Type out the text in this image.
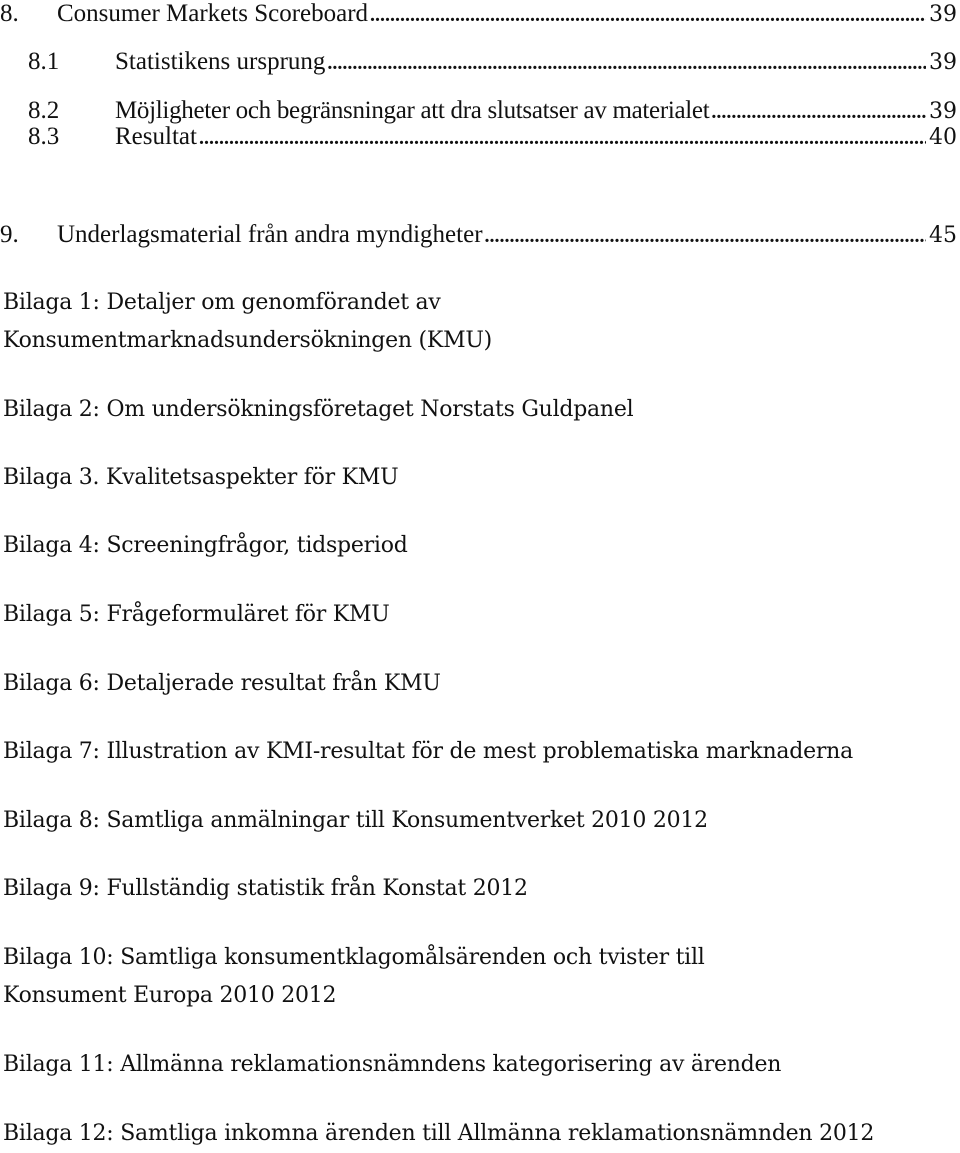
8.	Consumer Markets Scoreboard .....	39
8.1	Statistikens ursprung .....	39
8.2	Möjligheter och begränsningar att dra slutsatser av materialet .....	39
8.3	Resultat .....	40
9.	Underlagsmaterial från andra myndigheter .....	45
Bilaga 1: Detaljer om genomförandet av
Konsumentmarknadsundersökningen (KMU)
Bilaga 2: Om undersökningsföretaget Norstats Guldpanel
Bilaga 3. Kvalitetsaspekter för KMU
Bilaga 4: Screeningfrågor, tidsperiod
Bilaga 5: Frågeformuläret för KMU
Bilaga 6: Detaljerade resultat från KMU
Bilaga 7: Illustration av KMI-resultat för de mest problematiska marknaderna
Bilaga 8: Samtliga anmälningar till Konsumentverket 2010 2012
Bilaga 9: Fullständig statistik från Konstat 2012
Bilaga 10: Samtliga konsumentklagomålsärenden och tvister till
Konsument Europa 2010 2012
Bilaga 11: Allmänna reklamationsnämndens kategorisering av ärenden
Bilaga 12: Samtliga inkomna ärenden till Allmänna reklamationsnämnden 2012
